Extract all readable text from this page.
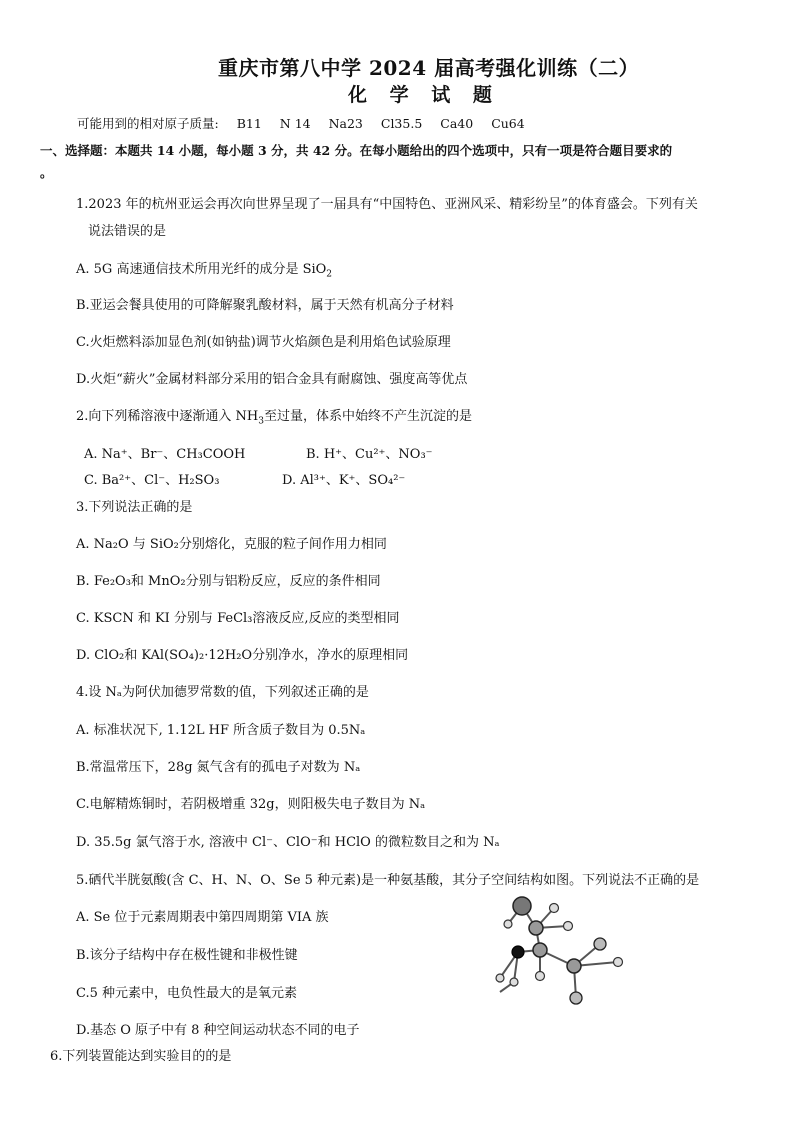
重庆市第八中学 2024 届高考强化训练（二）
化 学 试 题
可能用到的相对原子质量: B11 N 14 Na23 Cl35.5 Ca40 Cu64
一、选择题：本题共 14 小题，每小题 3 分，共 42 分。在每小题给出的四个选项中，只有一项是符合题目要求的
。
1.2023 年的杭州亚运会再次向世界呈现了一届具有“中国特色、亚洲风采、精彩纷呈”的体育盛会。下列有关
说法错误的是
A. 5G 高速通信技术所用光纤的成分是 SiO$_2$
B.亚运会餐具使用的可降解聚乳酸材料，属于天然有机高分子材料
C.火炬燃料添加显色剂(如钠盐)调节火焰颜色是利用焰色试验原理
D.火炬“薪火”金属材料部分采用的铝合金具有耐腐蚀、强度高等优点
2.向下列稀溶液中逐渐通入 $NH_3$至过量，体系中始终不产生沉淀的是
A. Na⁺、Br⁻、CH₃COOH	B. H⁺、Cu²⁺、NO₃⁻
C. Ba²⁺、Cl⁻、H₂SO₃	D. Al³⁺、K⁺、SO₄²⁻
3.下列说法正确的是
A. Na₂O 与 SiO₂分别熔化，克服的粒子间作用力相同
B. Fe₂O₃和 MnO₂分别与铝粉反应，反应的条件相同
C. KSCN 和 KI 分别与 FeCl₃溶液反应,反应的类型相同
D. ClO₂和 KAl(SO₄)₂·12H₂O分别净水，净水的原理相同
4.设 Nₐ为阿伏加德罗常数的值，下列叙述正确的是
A. 标准状况下, 1.12L HF 所含质子数目为 0.5Nₐ
B.常温常压下，28g 氮气含有的孤电子对数为 Nₐ
C.电解精炼铜时，若阴极增重 32g，则阳极失电子数目为 Nₐ
D. 35.5g 氯气溶于水, 溶液中 Cl⁻、ClO⁻和 HClO 的微粒数目之和为 Nₐ
5.硒代半胱氨酸(含 C、H、N、O、Se 5 种元素)是一种氨基酸，其分子空间结构如图。下列说法不正确的是
A. Se 位于元素周期表中第四周期第 VIA 族
B.该分子结构中存在极性键和非极性键
C.5 种元素中，电负性最大的是氧元素
D.基态 O 原子中有 8 种空间运动状态不同的电子
6.下列装置能达到实验目的的是
